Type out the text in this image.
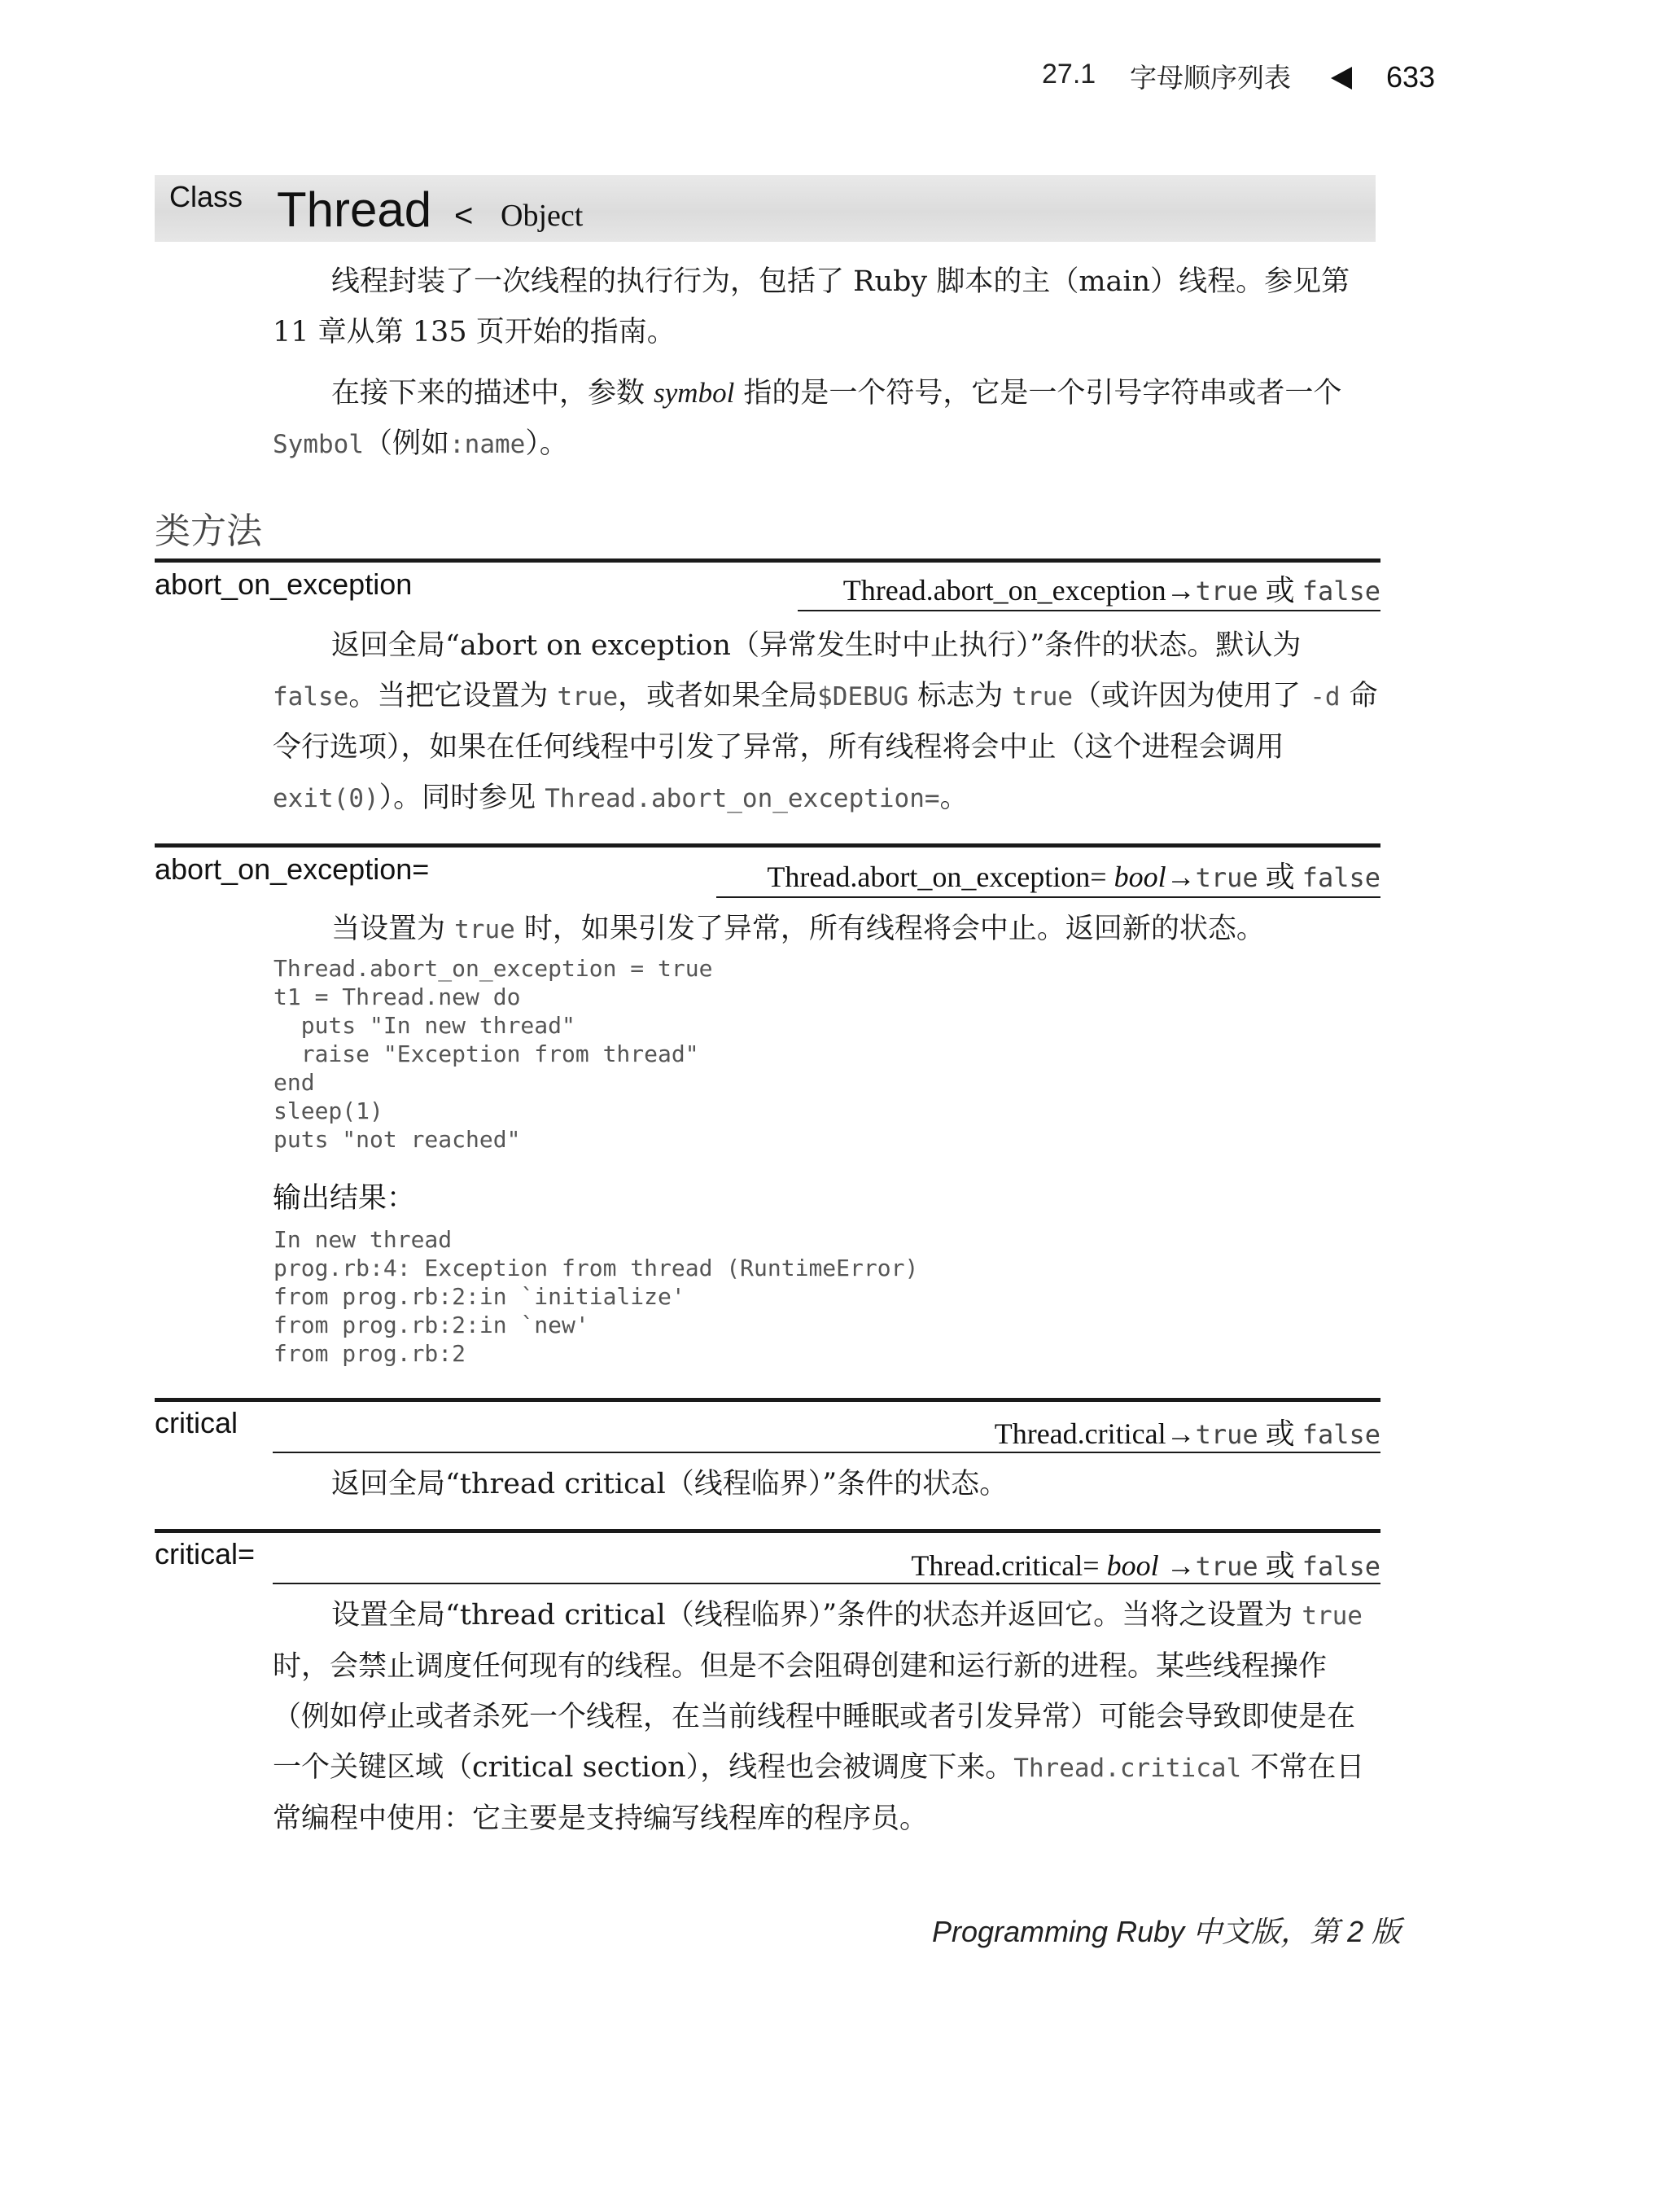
27.1 字母顺序列表	633
Class Thread < Object
线程封装了一次线程的执行行为，包括了 Ruby 脚本的主（main）线程。参见第 11 章从第 135 页开始的指南。
在接下来的描述中，参数 symbol 指的是一个符号，它是一个引号字符串或者一个 Symbol（例如:name）。
类方法
abort_on_exception	Thread.abort_on_exception→true 或 false
返回全局“abort on exception（异常发生时中止执行）”条件的状态。默认为 false。当把它设置为 true，或者如果全局$DEBUG 标志为 true（或许因为使用了 -d 命令行选项），如果在任何线程中引发了异常，所有线程将会中止（这个进程会调用 exit(0)）。同时参见 Thread.abort_on_exception=。
abort_on_exception=	Thread.abort_on_exception= bool→true 或 false
当设置为 true 时，如果引发了异常，所有线程将会中止。返回新的状态。
Thread.abort_on_exception = true
t1 = Thread.new do
puts "In new thread"
raise "Exception from thread"
end
sleep(1)
puts "not reached"
输出结果：
In new thread
prog.rb:4: Exception from thread (RuntimeError)
from prog.rb:2:in `initialize'
from prog.rb:2:in `new'
from prog.rb:2
critical	Thread.critical→true 或 false
返回全局“thread critical（线程临界）”条件的状态。
critical=	Thread.critical= bool →true 或 false
设置全局“thread critical（线程临界）”条件的状态并返回它。当将之设置为 true 时，会禁止调度任何现有的线程。但是不会阻碍创建和运行新的进程。某些线程操作（例如停止或者杀死一个线程，在当前线程中睡眠或者引发异常）可能会导致即使是在一个关键区域（critical section），线程也会被调度下来。Thread.critical 不常在日常编程中使用：它主要是支持编写线程库的程序员。
Programming Ruby 中文版，第 2 版
